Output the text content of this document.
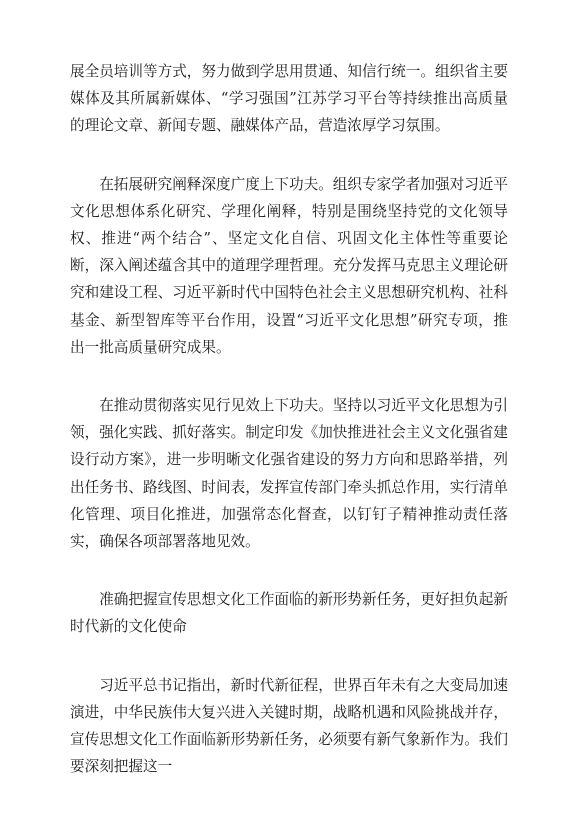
展全员培训等方式，努力做到学思用贯通、知信行统一。组织省主要媒体及其所属新媒体、“学习强国”江苏学习平台等持续推出高质量的理论文章、新闻专题、融媒体产品，营造浓厚学习氛围。

在拓展研究阐释深度广度上下功夫。组织专家学者加强对习近平文化思想体系化研究、学理化阐释，特别是围绕坚持党的文化领导权、推进“两个结合”、坚定文化自信、巩固文化主体性等重要论断，深入阐述蕴含其中的道理学理哲理。充分发挥马克思主义理论研究和建设工程、习近平新时代中国特色社会主义思想研究机构、社科基金、新型智库等平台作用，设置“习近平文化思想”研究专项，推出一批高质量研究成果。

在推动贯彻落实见行见效上下功夫。坚持以习近平文化思想为引领，强化实践、抓好落实。制定印发《加快推进社会主义文化强省建设行动方案》，进一步明晰文化强省建设的努力方向和思路举措，列出任务书、路线图、时间表，发挥宣传部门牵头抓总作用，实行清单化管理、项目化推进，加强常态化督查，以钉钉子精神推动责任落实，确保各项部署落地见效。

准确把握宣传思想文化工作面临的新形势新任务，更好担负起新时代新的文化使命

习近平总书记指出，新时代新征程，世界百年未有之大变局加速演进，中华民族伟大复兴进入关键时期，战略机遇和风险挑战并存，宣传思想文化工作面临新形势新任务，必须要有新气象新作为。我们要深刻把握这一
